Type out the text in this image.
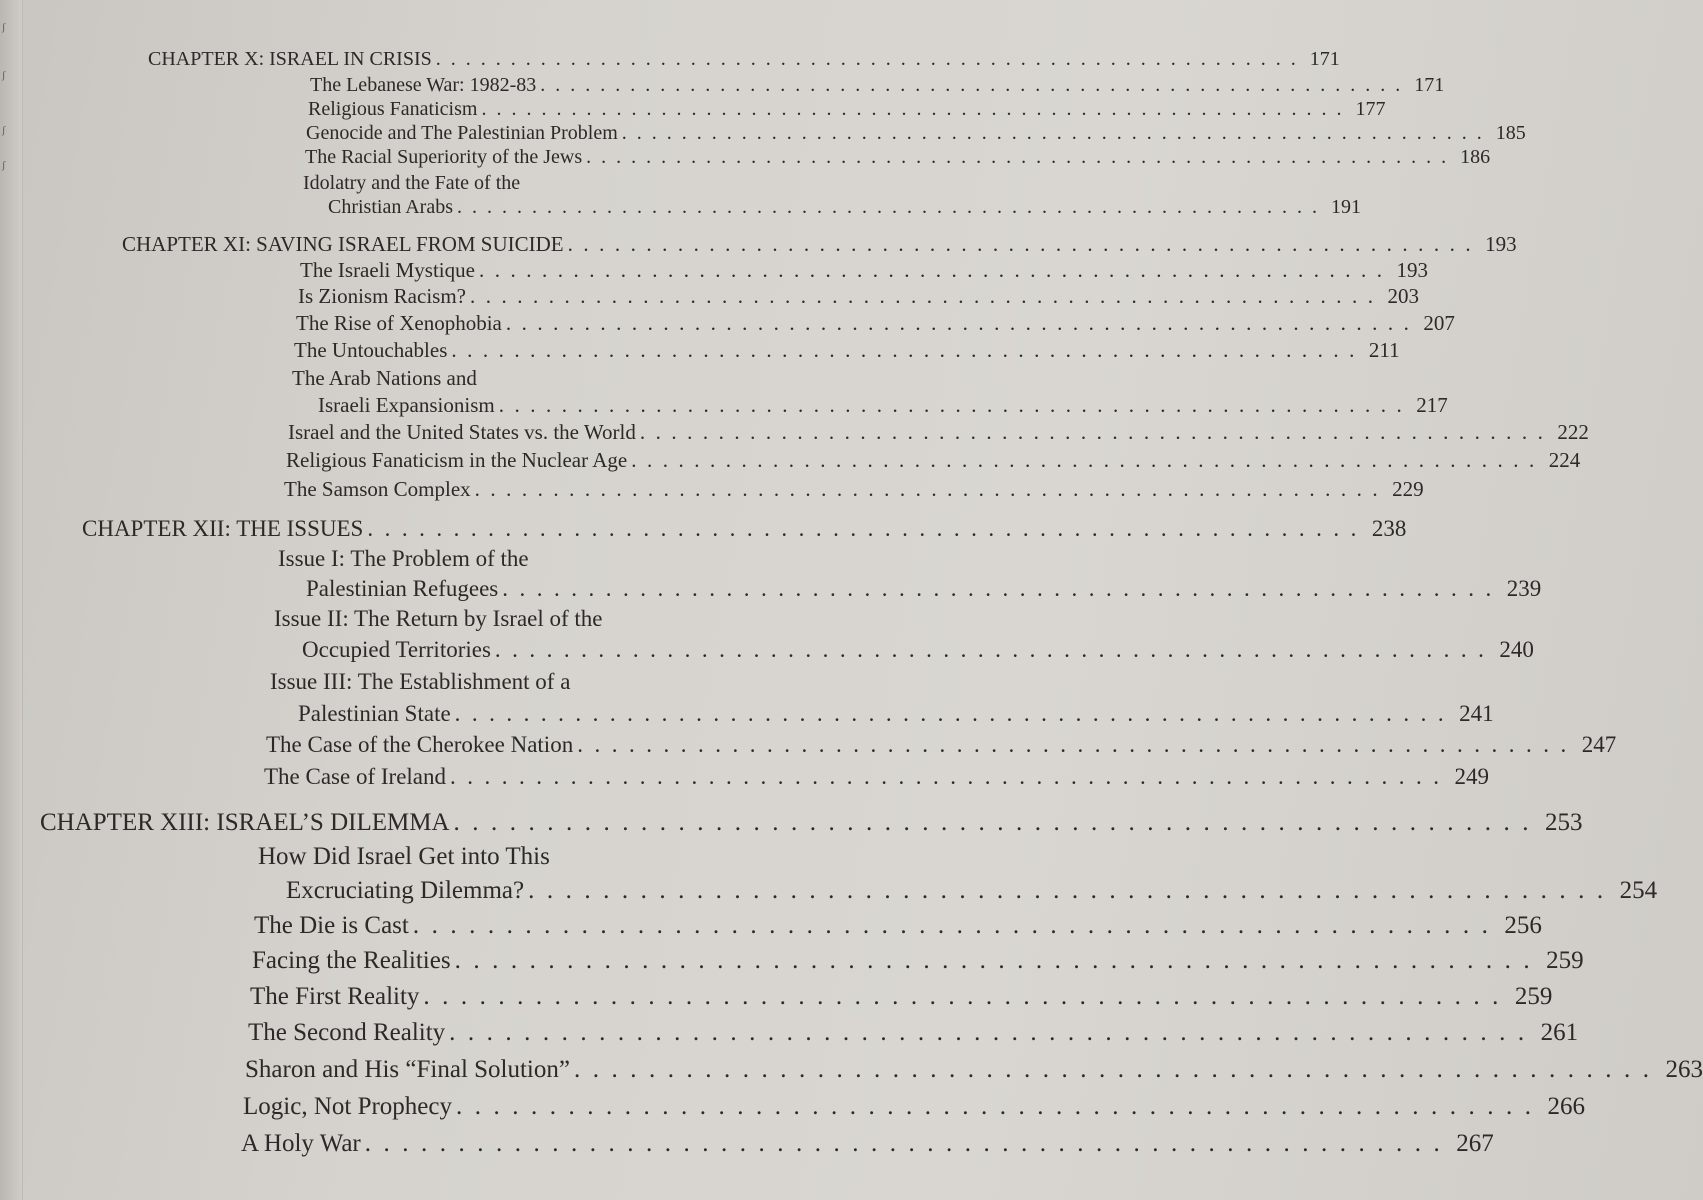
ʃ
ʃ
ʃ
ʃ
CHAPTER X: ISRAEL IN CRISIS .......................................................... 171
The Lebanese War: 1982-83 .......................................................... 171
Religious Fanaticism .......................................................... 177
Genocide and The Palestinian Problem .......................................................... 185
The Racial Superiority of the Jews .......................................................... 186
Idolatry and the Fate of the
Christian Arabs .......................................................... 191
CHAPTER XI: SAVING ISRAEL FROM SUICIDE .......................................................... 193
The Israeli Mystique .......................................................... 193
Is Zionism Racism? .......................................................... 203
The Rise of Xenophobia .......................................................... 207
The Untouchables .......................................................... 211
The Arab Nations and
Israeli Expansionism .......................................................... 217
Israel and the United States vs. the World .......................................................... 222
Religious Fanaticism in the Nuclear Age .......................................................... 224
The Samson Complex .......................................................... 229
CHAPTER XII: THE ISSUES .......................................................... 238
Issue I: The Problem of the
Palestinian Refugees .......................................................... 239
Issue II: The Return by Israel of the
Occupied Territories .......................................................... 240
Issue III: The Establishment of a
Palestinian State .......................................................... 241
The Case of the Cherokee Nation .......................................................... 247
The Case of Ireland .......................................................... 249
CHAPTER XIII: ISRAEL’S DILEMMA .......................................................... 253
How Did Israel Get into This
Excruciating Dilemma? .......................................................... 254
The Die is Cast .......................................................... 256
Facing the Realities .......................................................... 259
The First Reality .......................................................... 259
The Second Reality .......................................................... 261
Sharon and His “Final Solution” .......................................................... 263
Logic, Not Prophecy .......................................................... 266
A Holy War .......................................................... 267
